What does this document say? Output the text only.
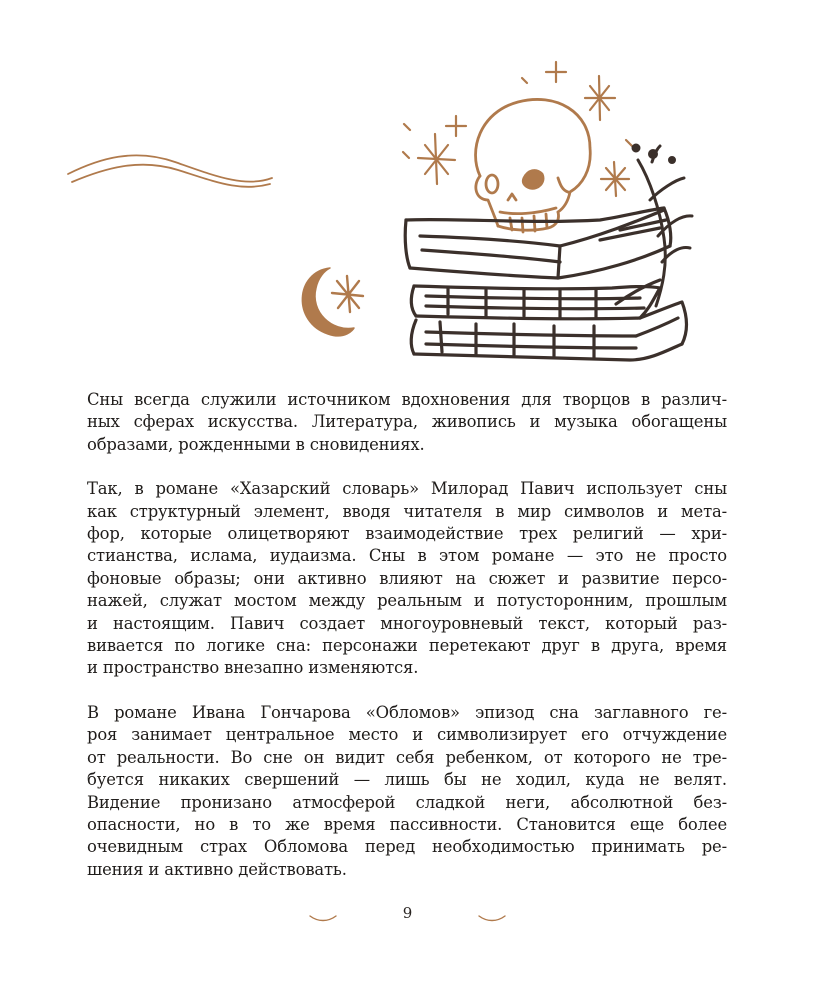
Сны всегда служили источником вдохновения для творцов в различ-
ных сферах искусства. Литература, живопись и музыка обогащены
образами, рожденными в сновидениях.

Так, в романе «Хазарский словарь» Милорад Павич использует сны
как структурный элемент, вводя читателя в мир символов и мета-
фор, которые олицетворяют взаимодействие трех религий — хри-
стианства, ислама, иудаизма. Сны в этом романе — это не просто
фоновые образы; они активно влияют на сюжет и развитие персо-
нажей, служат мостом между реальным и потусторонним, прошлым
и настоящим. Павич создает многоуровневый текст, который раз-
вивается по логике сна: персонажи перетекают друг в друга, время
и пространство внезапно изменяются.

В романе Ивана Гончарова «Обломов» эпизод сна заглавного ге-
роя занимает центральное место и символизирует его отчуждение
от реальности. Во сне он видит себя ребенком, от которого не тре-
буется никаких свершений — лишь бы не ходил, куда не велят.
Видение пронизано атмосферой сладкой неги, абсолютной без-
опасности, но в то же время пассивности. Становится еще более
очевидным страх Обломова перед необходимостью принимать ре-
шения и активно действовать.

9
